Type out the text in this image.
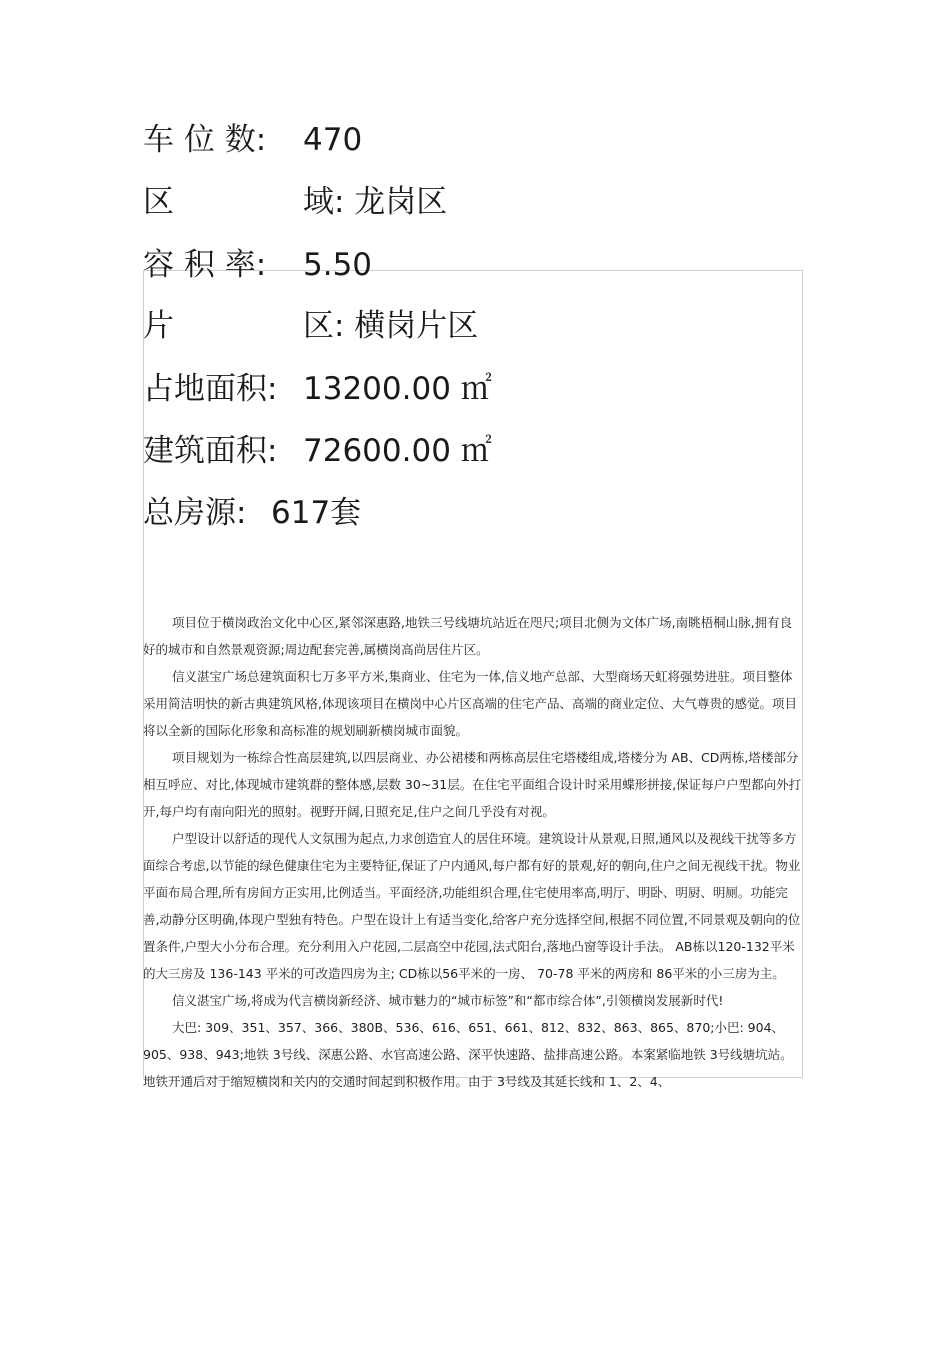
车 位 数: 470
区	域: 龙岗区
容 积 率: 5.50
片	区: 横岗片区
占地面积: 13200.00 ㎡
建筑面积: 72600.00 ㎡
总房源: 617套

项目位于横岗政治文化中心区,紧邻深惠路,地铁三号线塘坑站近在咫尺;项目北侧为文体广场,南眺梧桐山脉,拥有良好的城市和自然景观资源;周边配套完善,属横岗高尚居住片区。

信义湛宝广场总建筑面积七万多平方米,集商业、住宅为一体,信义地产总部、大型商场天虹将强势进驻。项目整体采用简洁明快的新古典建筑风格,体现该项目在横岗中心片区高端的住宅产品、高端的商业定位、大气尊贵的感觉。项目将以全新的国际化形象和高标准的规划刷新横岗城市面貌。

项目规划为一栋综合性高层建筑,以四层商业、办公裙楼和两栋高层住宅塔楼组成,塔楼分为 AB、CD两栋,塔楼部分相互呼应、对比,体现城市建筑群的整体感,层数 30~31层。在住宅平面组合设计时采用蝶形拼接,保证每户户型都向外打开,每户均有南向阳光的照射。视野开阔,日照充足,住户之间几乎没有对视。

户型设计以舒适的现代人文氛围为起点,力求创造宜人的居住环境。建筑设计从景观,日照,通风以及视线干扰等多方面综合考虑,以节能的绿色健康住宅为主要特征,保证了户内通风,每户都有好的景观,好的朝向,住户之间无视线干扰。物业平面布局合理,所有房间方正实用,比例适当。平面经济,功能组织合理,住宅使用率高,明厅、明卧、明厨、明厕。功能完善,动静分区明确,体现户型独有特色。户型在设计上有适当变化,给客户充分选择空间,根据不同位置,不同景观及朝向的位置条件,户型大小分布合理。充分利用入户花园,二层高空中花园,法式阳台,落地凸窗等设计手法。 AB栋以120-132平米的大三房及 136-143 平米的可改造四房为主; CD栋以56平米的一房、 70-78 平米的两房和 86平米的小三房为主。

信义湛宝广场,将成为代言横岗新经济、城市魅力的“城市标签”和“都市综合体”,引领横岗发展新时代!

大巴: 309、351、357、366、380B、536、616、651、661、812、832、863、865、870;小巴: 904、905、938、943;地铁 3号线、深惠公路、水官高速公路、深平快速路、盐排高速公路。本案紧临地铁 3号线塘坑站。地铁开通后对于缩短横岗和关内的交通时间起到积极作用。由于 3号线及其延长线和 1、2、4、
